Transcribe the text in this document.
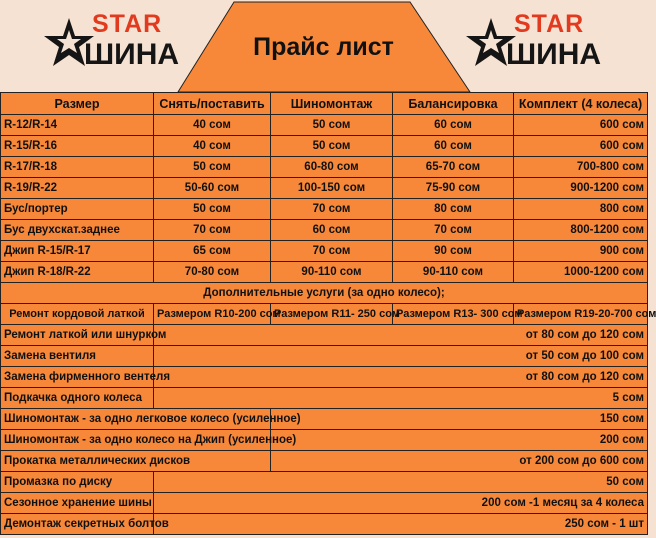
STAR
ШИНА	Прайс лист
STAR
ШИНА
Размер	Снять/поставить	Шиномонтаж	Балансировка	Комплект (4 колеса)
R-12/R-14	40 сом	50 сом	60 сом	600 сом
R-15/R-16	40 сом	50 сом	60 сом	600 сом
R-17/R-18	50 сом	60-80 сом	65-70 сом	700-800 сом
R-19/R-22	50-60 сом	100-150 сом	75-90 сом	900-1200 сом
Бус/портер	50 сом	70 сом	80 сом	800 сом
Бус двухскат.заднее	70 сом	60 сом	70 сом	800-1200 сом
Джип R-15/R-17	65 сом	70 сом	90 сом	900 сом
Джип R-18/R-22	70-80 сом	90-110 сом	90-110 сом	1000-1200 сом
Дополнительные услуги (за одно колесо);				
Ремонт кордовой латкой	Размером R10-200 сом	Размером R11- 250 сом	Размером R13- 300 сом	Размером R19-20-700 сом
Ремонт латкой или шнурком	от 80 сом до 120 сом			
Замена вентиля	от 50 сом до 100 сом			
Замена фирменного вентеля	от 80 сом до 120 сом			
Подкачка одного колеса	5 сом			
Шиномонтаж - за одно легковое колесо (усиленное)		150 сом		
Шиномонтаж - за одно колесо на Джип (усиленное)		200 сом		
Прокатка металлических дисков		от 200 сом до 600 сом		
Промазка по диску	50 сом			
Сезонное хранение шины	200 сом -1 месяц за 4 колеса			
Демонтаж секретных болтов	250 сом - 1 шт			
